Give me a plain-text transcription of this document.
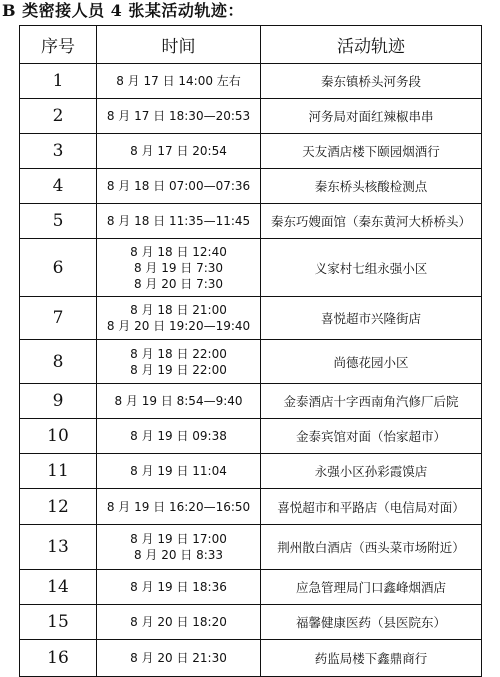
B 类密接人员 4 张某活动轨迹：
序号	时间	活动轨迹
1	8 月 17 日 14:00 左右	秦东镇桥头河务段
2	8 月 17 日 18:30—20:53	河务局对面红辣椒串串
3	8 月 17 日 20:54	天友酒店楼下颐园烟酒行
4	8 月 18 日 07:00—07:36	秦东桥头核酸检测点
5	8 月 18 日 11:35—11:45	秦东巧嫂面馆（秦东黄河大桥桥头）
6	8 月 18 日 12:40
8 月 19 日 7:30
8 月 20 日 7:30	义家村七组永强小区
7	8 月 18 日 21:00
8 月 20 日 19:20—19:40	喜悦超市兴隆街店
8	8 月 18 日 22:00
8 月 19 日 22:00	尚德花园小区
9	8 月 19 日 8:54—9:40	金泰酒店十字西南角汽修厂后院
10	8 月 19 日 09:38	金泰宾馆对面（怡家超市）
11	8 月 19 日 11:04	永强小区孙彩霞馍店
12	8 月 19 日 16:20—16:50	喜悦超市和平路店（电信局对面）
13	8 月 19 日 17:00
8 月 20 日 8:33	荆州散白酒店（西头菜市场附近）
14	8 月 19 日 18:36	应急管理局门口鑫峰烟酒店
15	8 月 20 日 18:20	福馨健康医药（县医院东）
16	8 月 20 日 21:30	药监局楼下鑫鼎商行
